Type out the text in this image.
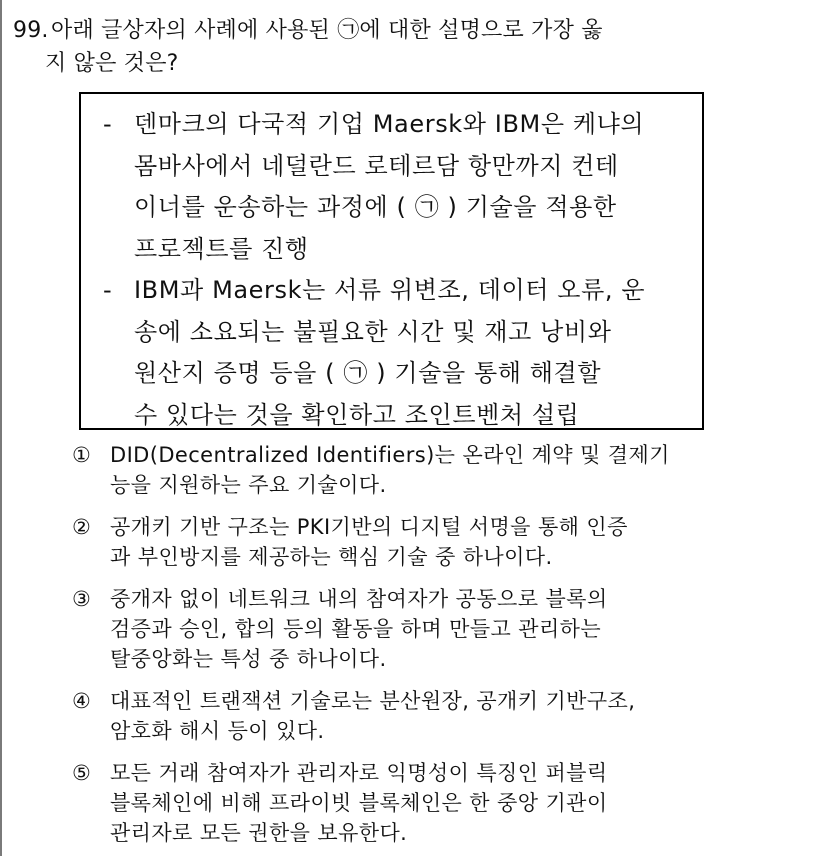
99. 아래 글상자의 사례에 사용된 ㉠에 대한 설명으로 가장 옳
지 않은 것은?
- 덴마크의 다국적 기업 Maersk와 IBM은 케냐의
몸바사에서 네덜란드 로테르담 항만까지 컨테
이너를 운송하는 과정에 ( ㉠ ) 기술을 적용한
프로젝트를 진행
- IBM과 Maersk는 서류 위변조, 데이터 오류, 운
송에 소요되는 불필요한 시간 및 재고 낭비와
원산지 증명 등을 ( ㉠ ) 기술을 통해 해결할
수 있다는 것을 확인하고 조인트벤처 설립
① DID(Decentralized Identifiers)는 온라인 계약 및 결제기
능을 지원하는 주요 기술이다.
② 공개키 기반 구조는 PKI기반의 디지털 서명을 통해 인증
과 부인방지를 제공하는 핵심 기술 중 하나이다.
③ 중개자 없이 네트워크 내의 참여자가 공동으로 블록의
검증과 승인, 합의 등의 활동을 하며 만들고 관리하는
탈중앙화는 특성 중 하나이다.
④ 대표적인 트랜잭션 기술로는 분산원장, 공개키 기반구조,
암호화 해시 등이 있다.
⑤ 모든 거래 참여자가 관리자로 익명성이 특징인 퍼블릭
블록체인에 비해 프라이빗 블록체인은 한 중앙 기관이
관리자로 모든 권한을 보유한다.
